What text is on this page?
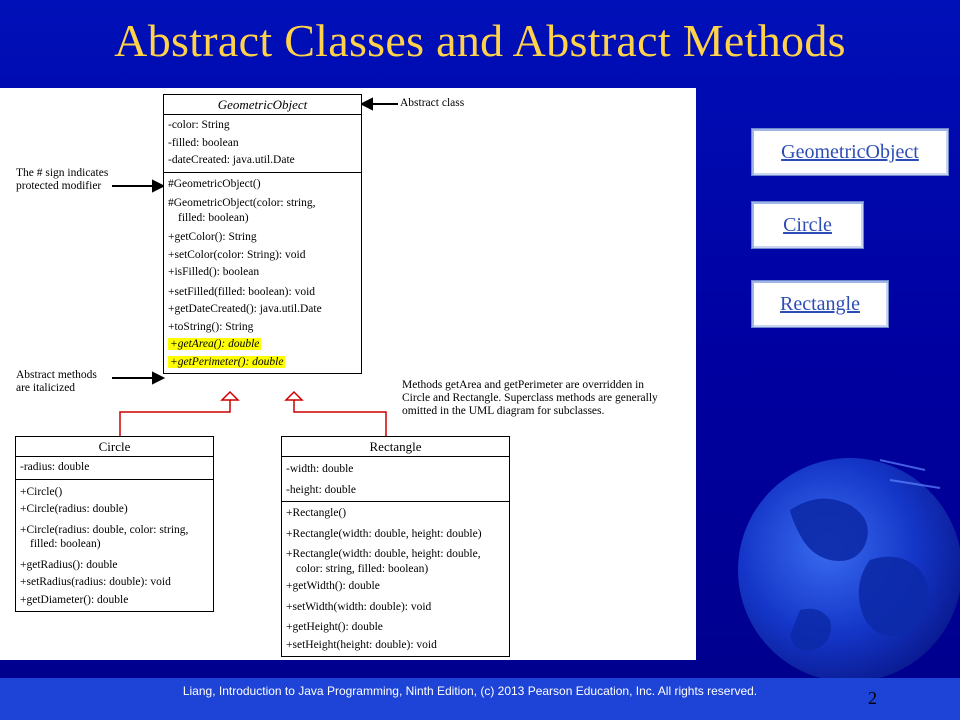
Abstract Classes and Abstract Methods
GeometricObject
-color: String
-filled: boolean
-dateCreated: java.util.Date
#GeometricObject()
#GeometricObject(color: string,
filled: boolean)
+getColor(): String
+setColor(color: String): void
+isFilled(): boolean
+setFilled(filled: boolean): void
+getDateCreated(): java.util.Date
+toString(): String
+getArea(): double
+getPerimeter(): double
Circle
-radius: double
+Circle()
+Circle(radius: double)
+Circle(radius: double, color: string,
filled: boolean)
+getRadius(): double
+setRadius(radius: double): void
+getDiameter(): double
Rectangle
-width: double
-height: double
+Rectangle()
+Rectangle(width: double, height: double)
+Rectangle(width: double, height: double,
color: string, filled: boolean)
+getWidth(): double
+setWidth(width: double): void
+getHeight(): double
+setHeight(height: double): void
Abstract class
The # sign indicates
protected modifier
Abstract methods
are italicized	Methods getArea and getPerimeter are overridden in
Circle and Rectangle. Superclass methods are generally
omitted in the UML diagram for subclasses.
GeometricObject
Circle
Rectangle
Liang, Introduction to Java Programming, Ninth Edition, (c) 2013 Pearson Education, Inc. All rights reserved.	2
